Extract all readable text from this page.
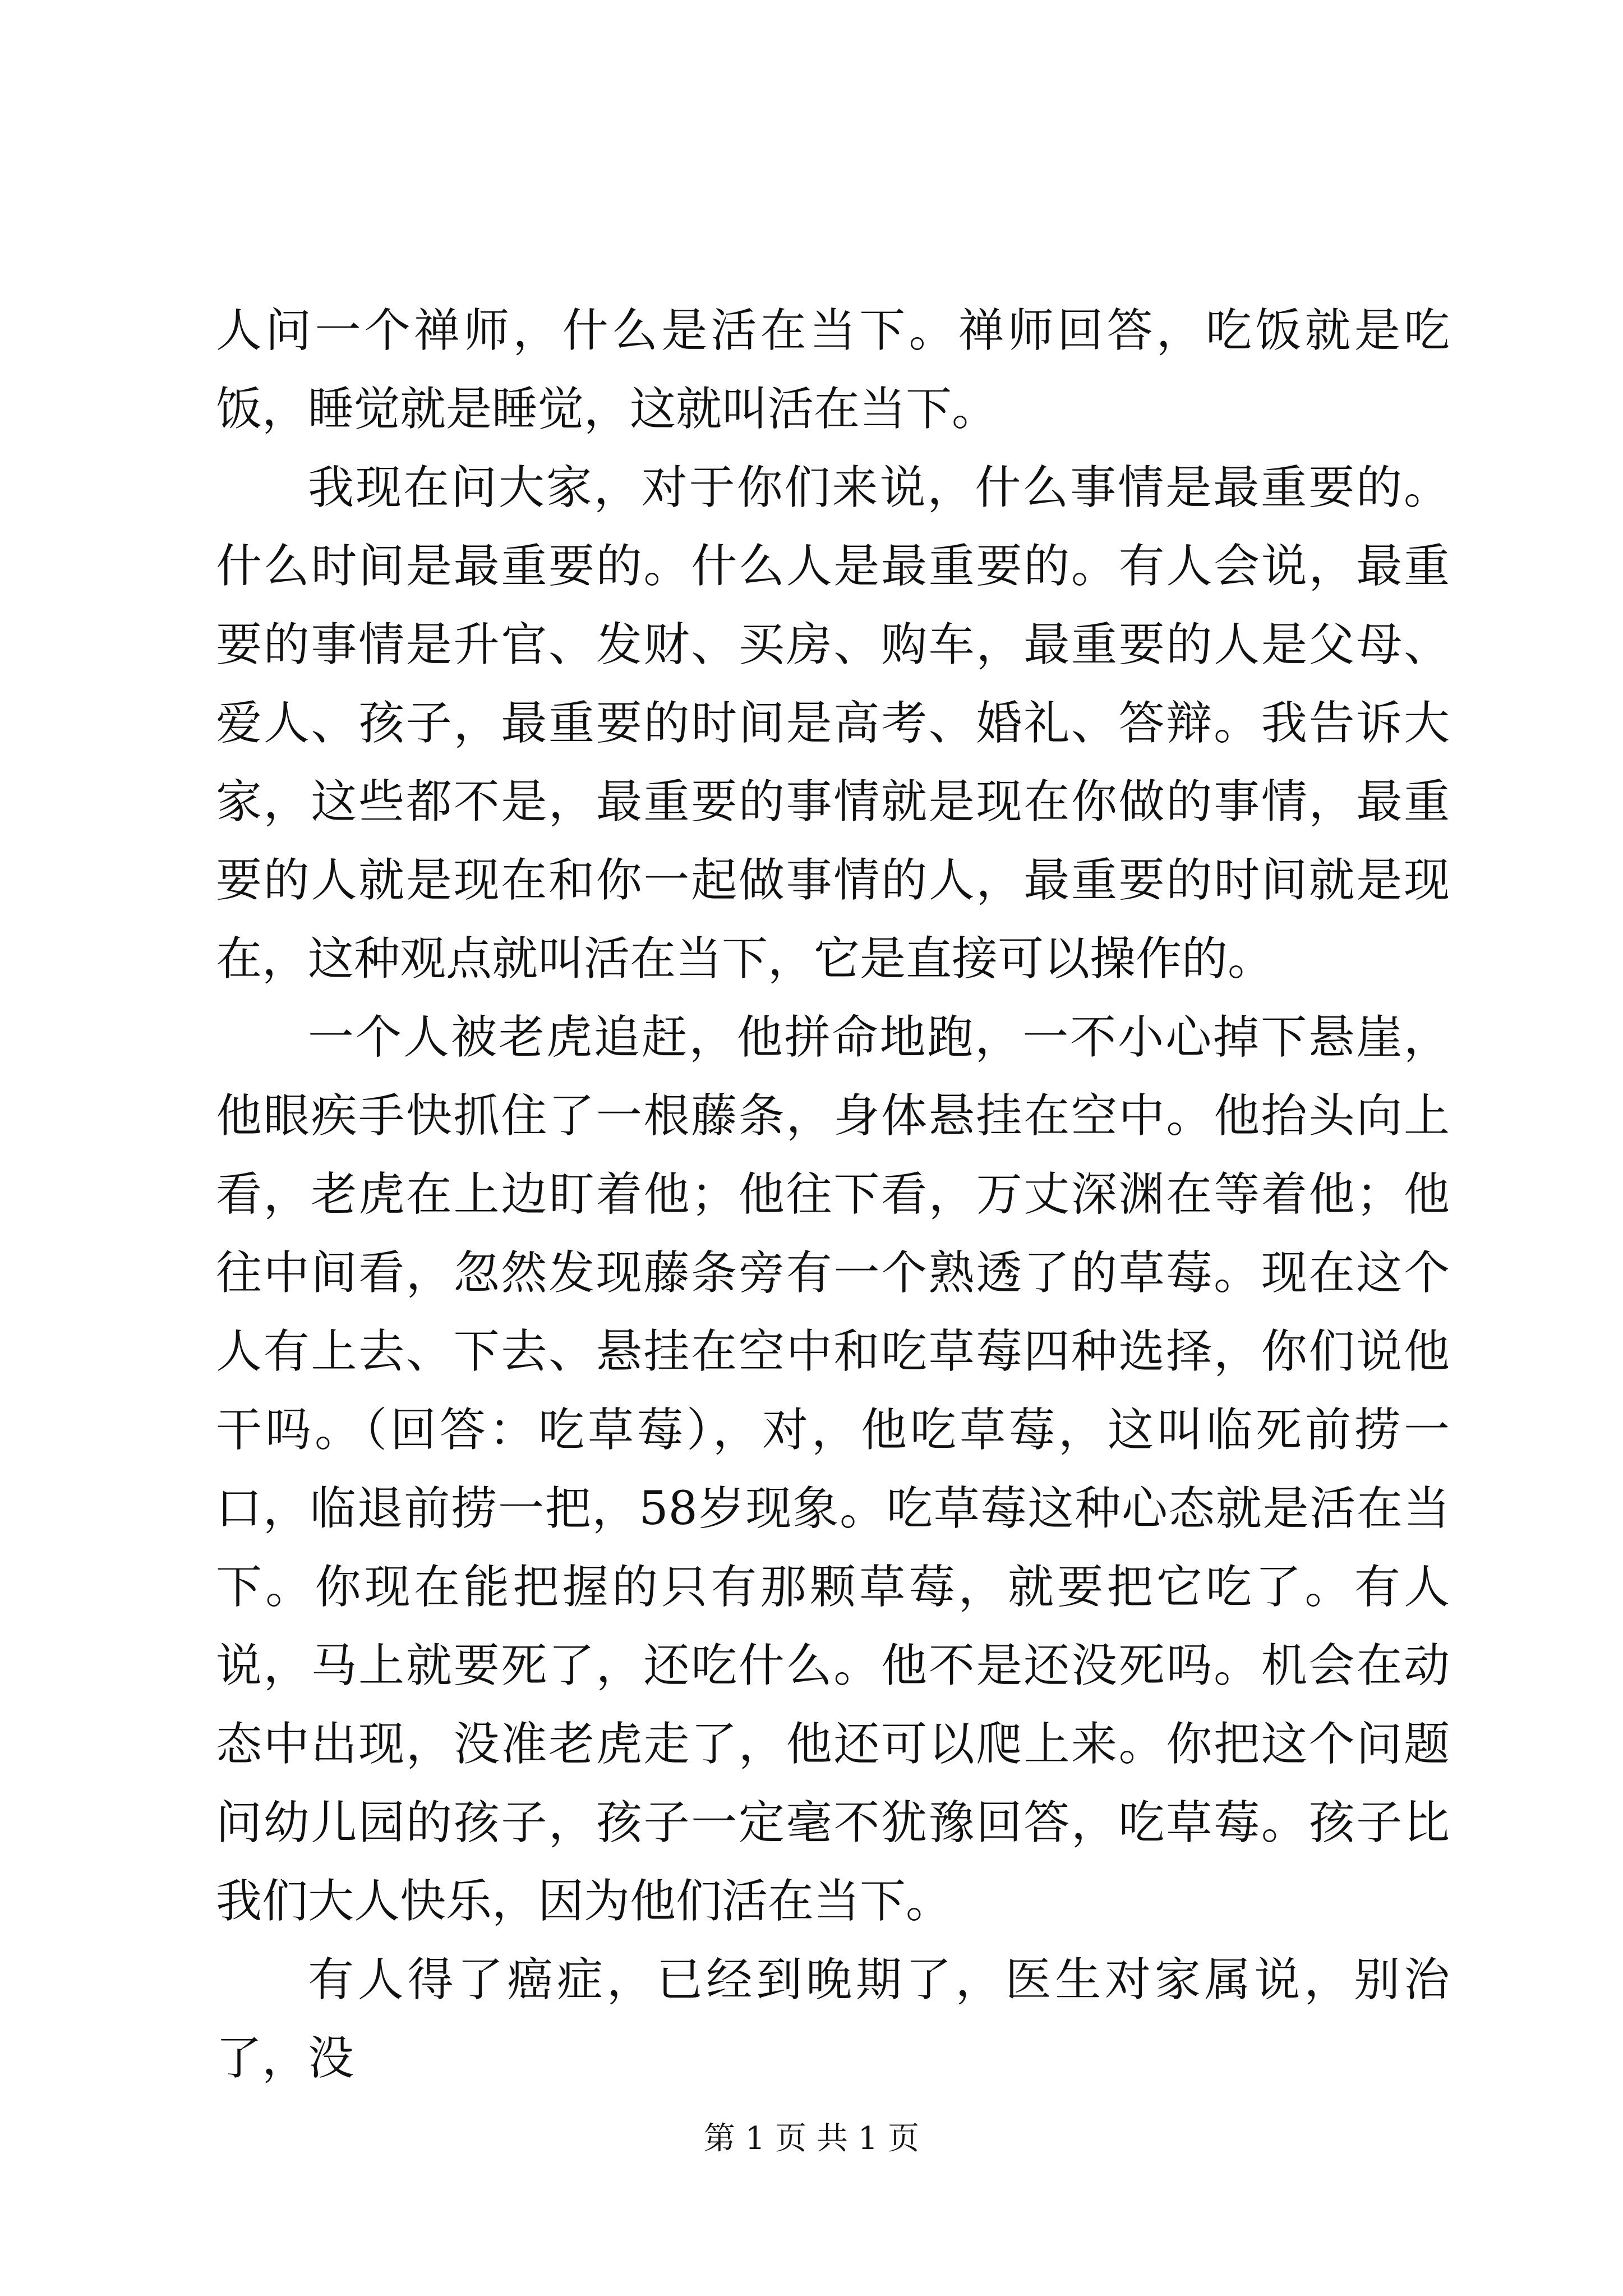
人问一个禅师，什么是活在当下。禅师回答，吃饭就是吃饭，睡觉就是睡觉，这就叫活在当下。

我现在问大家，对于你们来说，什么事情是最重要的。什么时间是最重要的。什么人是最重要的。有人会说，最重要的事情是升官、发财、买房、购车，最重要的人是父母、爱人、孩子，最重要的时间是高考、婚礼、答辩。我告诉大家，这些都不是，最重要的事情就是现在你做的事情，最重要的人就是现在和你一起做事情的人，最重要的时间就是现在，这种观点就叫活在当下，它是直接可以操作的。

一个人被老虎追赶，他拼命地跑，一不小心掉下悬崖，他眼疾手快抓住了一根藤条，身体悬挂在空中。他抬头向上看，老虎在上边盯着他；他往下看，万丈深渊在等着他；他往中间看，忽然发现藤条旁有一个熟透了的草莓。现在这个人有上去、下去、悬挂在空中和吃草莓四种选择，你们说他干吗。（回答：吃草莓），对，他吃草莓，这叫临死前捞一口，临退前捞一把，58岁现象。吃草莓这种心态就是活在当下。你现在能把握的只有那颗草莓，就要把它吃了。有人说，马上就要死了，还吃什么。他不是还没死吗。机会在动态中出现，没准老虎走了，他还可以爬上来。你把这个问题问幼儿园的孩子，孩子一定毫不犹豫回答，吃草莓。孩子比我们大人快乐，因为他们活在当下。

有人得了癌症，已经到晚期了，医生对家属说，别治了，没

第 1 页 共 1 页
